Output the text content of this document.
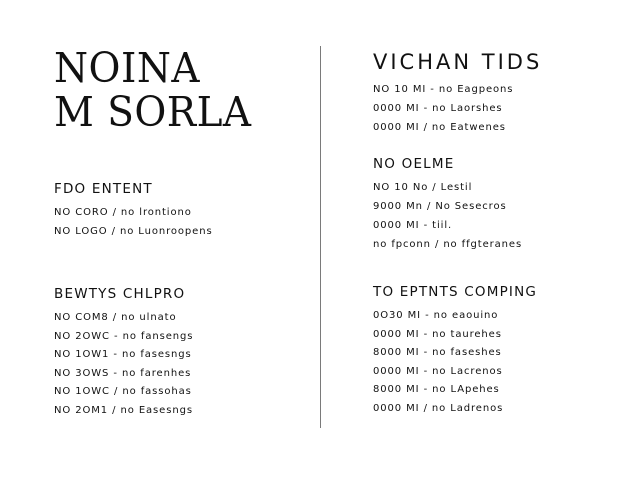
NOINA
M SORLA
FDO ENTENT
NO CORO / no lrontiono
NO LOGO / no Luonroopens
BEWTYS CHLPRO
NO COM8 / no ulnato
NO 2OWC - no fansengs
NO 1OW1 - no fasesngs
NO 3OWS - no farenhes
NO 1OWC / no fassohas
NO 2OM1 / no Easesngs
VICHAN TIDS
NO 10 MI - no Eagpeons
0000 MI - no Laorshes
0000 MI / no Eatwenes
NO OELME
NO 10 No / Lestil
9000 Mn / No Sesecros
0000 MI - tiil.
no fpconn / no ffgteranes
TO EPTNTS COMPING
0O30 MI - no eaouino
0000 MI - no taurehes
8000 MI - no faseshes
0000 MI - no Lacrenos
8000 MI - no LApehes
0000 MI / no Ladrenos
